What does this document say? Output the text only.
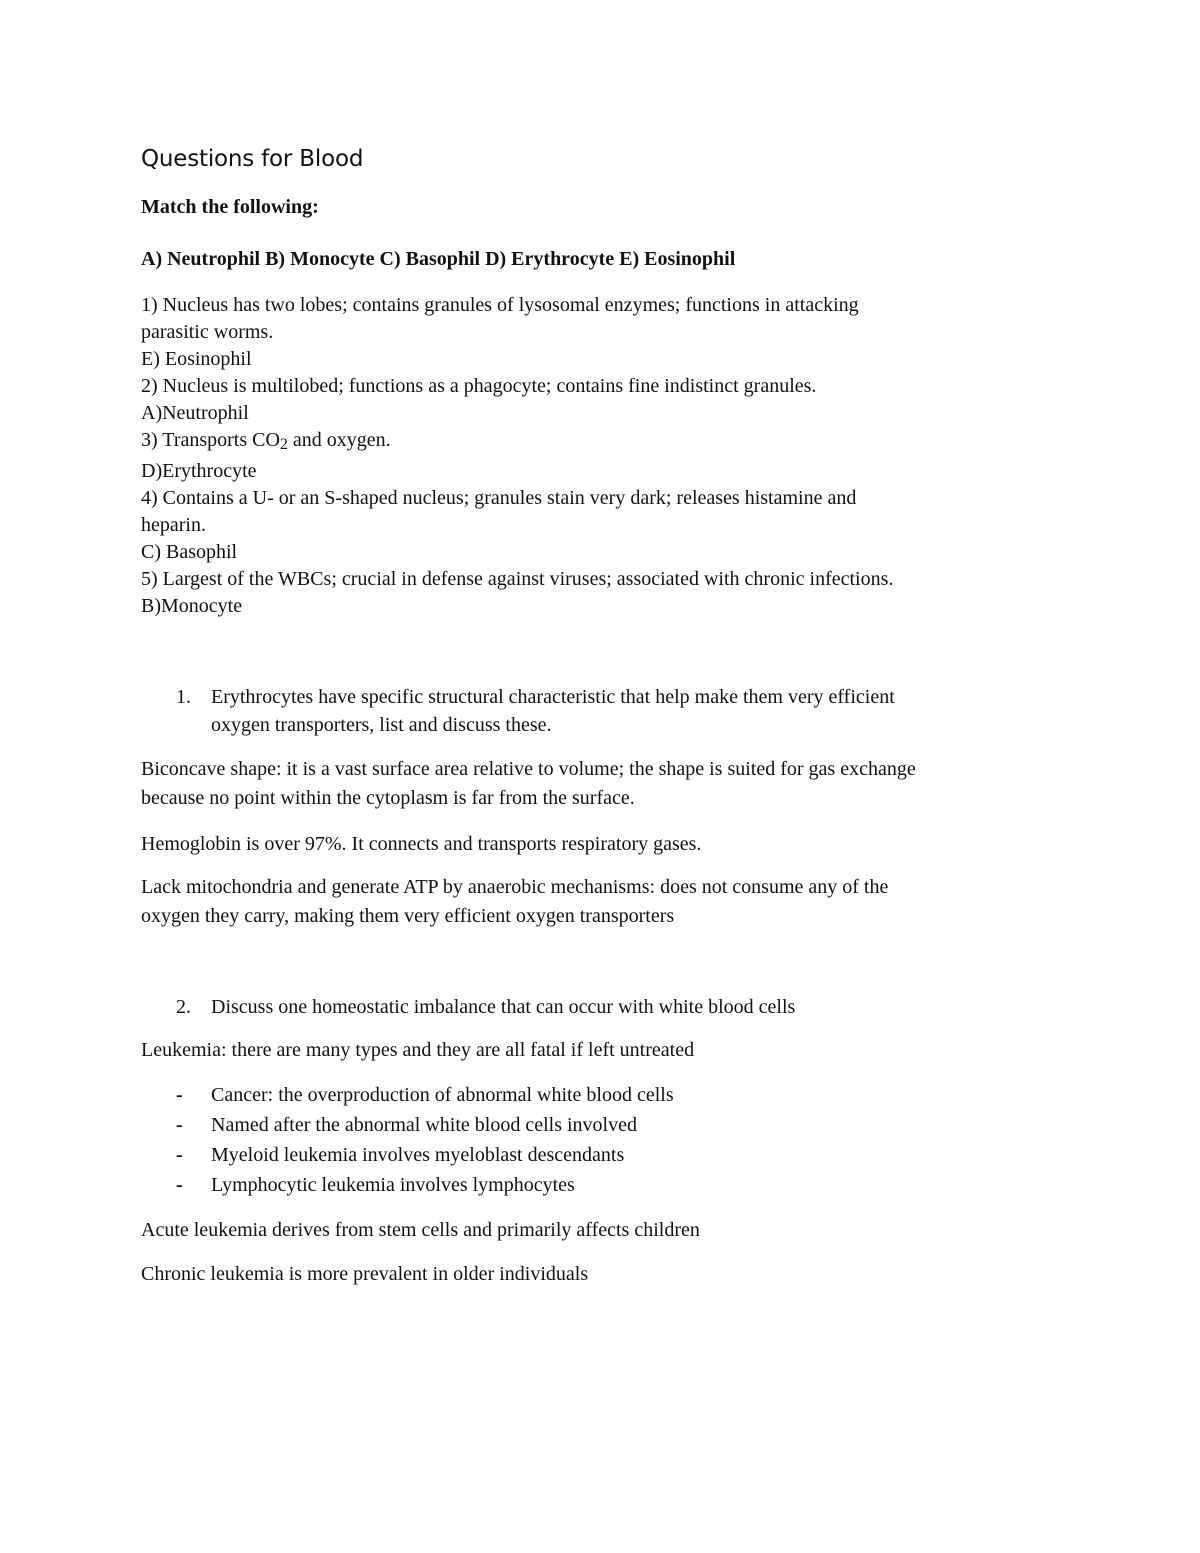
Questions for Blood

Match the following:

A) Neutrophil B) Monocyte C) Basophil D) Erythrocyte E) Eosinophil

1) Nucleus has two lobes; contains granules of lysosomal enzymes; functions in attacking
parasitic worms.
E) Eosinophil
2) Nucleus is multilobed; functions as a phagocyte; contains fine indistinct granules.
A)Neutrophil
3) Transports CO2 and oxygen.
D)Erythrocyte
4) Contains a U- or an S-shaped nucleus; granules stain very dark; releases histamine and
heparin.
C) Basophil
5) Largest of the WBCs; crucial in defense against viruses; associated with chronic infections.
B)Monocyte
1. Erythrocytes have specific structural characteristic that help make them very efficient
oxygen transporters, list and discuss these.

Biconcave shape: it is a vast surface area relative to volume; the shape is suited for gas exchange
because no point within the cytoplasm is far from the surface.

Hemoglobin is over 97%. It connects and transports respiratory gases.

Lack mitochondria and generate ATP by anaerobic mechanisms: does not consume any of the
oxygen they carry, making them very efficient oxygen transporters

2. Discuss one homeostatic imbalance that can occur with white blood cells

Leukemia: there are many types and they are all fatal if left untreated

- Cancer: the overproduction of abnormal white blood cells
- Named after the abnormal white blood cells involved
- Myeloid leukemia involves myeloblast descendants
- Lymphocytic leukemia involves lymphocytes

Acute leukemia derives from stem cells and primarily affects children

Chronic leukemia is more prevalent in older individuals
